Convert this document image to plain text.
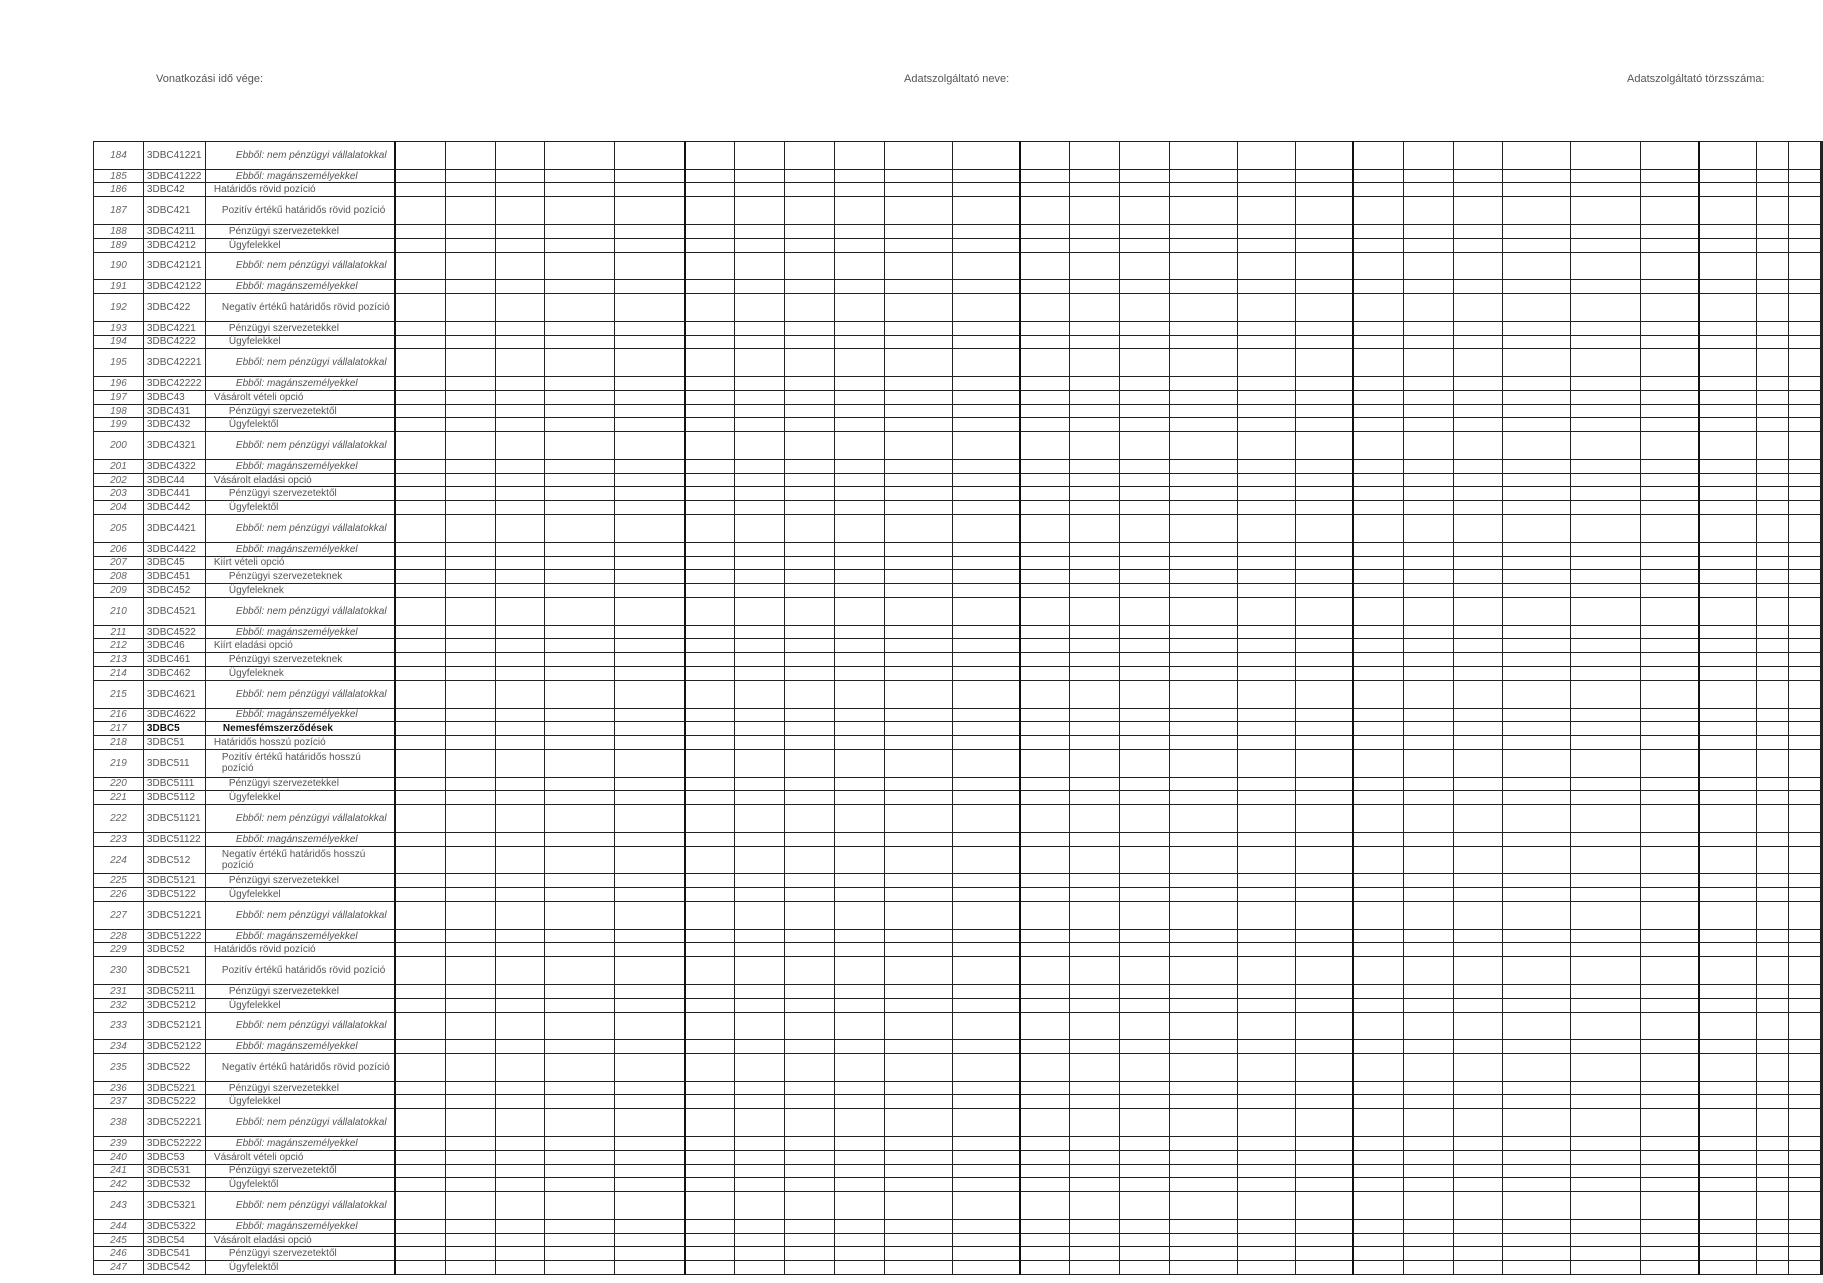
Vonatkozási idő vége:	Adatszolgáltató neve:	Adatszolgáltató törzsszáma:
184	3DBC41221	Ebből: nem pénzügyi vállalatokkal																												
185	3DBC41222	Ebből: magánszemélyekkel																												
186	3DBC42	Határidős rövid pozíció																												
187	3DBC421	Pozitív értékű határidős rövid pozíció																												
188	3DBC4211	Pénzügyi szervezetekkel																												
189	3DBC4212	Ügyfelekkel																												
190	3DBC42121	Ebből: nem pénzügyi vállalatokkal																												
191	3DBC42122	Ebből: magánszemélyekkel																												
192	3DBC422	Negatív értékű határidős rövid pozíció																												
193	3DBC4221	Pénzügyi szervezetekkel																												
194	3DBC4222	Ügyfelekkel																												
195	3DBC42221	Ebből: nem pénzügyi vállalatokkal																												
196	3DBC42222	Ebből: magánszemélyekkel																												
197	3DBC43	Vásárolt vételi opció																												
198	3DBC431	Pénzügyi szervezetektől																												
199	3DBC432	Ügyfelektől																												
200	3DBC4321	Ebből: nem pénzügyi vállalatokkal																												
201	3DBC4322	Ebből: magánszemélyekkel																												
202	3DBC44	Vásárolt eladási opció																												
203	3DBC441	Pénzügyi szervezetektől																												
204	3DBC442	Ügyfelektől																												
205	3DBC4421	Ebből: nem pénzügyi vállalatokkal																												
206	3DBC4422	Ebből: magánszemélyekkel																												
207	3DBC45	Kiírt vételi opció																												
208	3DBC451	Pénzügyi szervezeteknek																												
209	3DBC452	Ügyfeleknek																												
210	3DBC4521	Ebből: nem pénzügyi vállalatokkal																												
211	3DBC4522	Ebből: magánszemélyekkel																												
212	3DBC46	Kiírt eladási opció																												
213	3DBC461	Pénzügyi szervezeteknek																												
214	3DBC462	Ügyfeleknek																												
215	3DBC4621	Ebből: nem pénzügyi vállalatokkal																												
216	3DBC4622	Ebből: magánszemélyekkel																												
217	3DBC5	Nemesfémszerződések																												
218	3DBC51	Határidős hosszú pozíció																												
219	3DBC511	Pozitív értékű határidős hosszú pozíció																												
220	3DBC5111	Pénzügyi szervezetekkel																												
221	3DBC5112	Ügyfelekkel																												
222	3DBC51121	Ebből: nem pénzügyi vállalatokkal																												
223	3DBC51122	Ebből: magánszemélyekkel																												
224	3DBC512	Negatív értékű határidős hosszú pozíció																												
225	3DBC5121	Pénzügyi szervezetekkel																												
226	3DBC5122	Ügyfelekkel																												
227	3DBC51221	Ebből: nem pénzügyi vállalatokkal																												
228	3DBC51222	Ebből: magánszemélyekkel																												
229	3DBC52	Határidős rövid pozíció																												
230	3DBC521	Pozitív értékű határidős rövid pozíció																												
231	3DBC5211	Pénzügyi szervezetekkel																												
232	3DBC5212	Ügyfelekkel																												
233	3DBC52121	Ebből: nem pénzügyi vállalatokkal																												
234	3DBC52122	Ebből: magánszemélyekkel																												
235	3DBC522	Negatív értékű határidős rövid pozíció																												
236	3DBC5221	Pénzügyi szervezetekkel																												
237	3DBC5222	Ügyfelekkel																												
238	3DBC52221	Ebből: nem pénzügyi vállalatokkal																												
239	3DBC52222	Ebből: magánszemélyekkel																												
240	3DBC53	Vásárolt vételi opció																												
241	3DBC531	Pénzügyi szervezetektől																												
242	3DBC532	Ügyfelektől																												
243	3DBC5321	Ebből: nem pénzügyi vállalatokkal																												
244	3DBC5322	Ebből: magánszemélyekkel																												
245	3DBC54	Vásárolt eladási opció																												
246	3DBC541	Pénzügyi szervezetektől																												
247	3DBC542	Ügyfelektől																												
